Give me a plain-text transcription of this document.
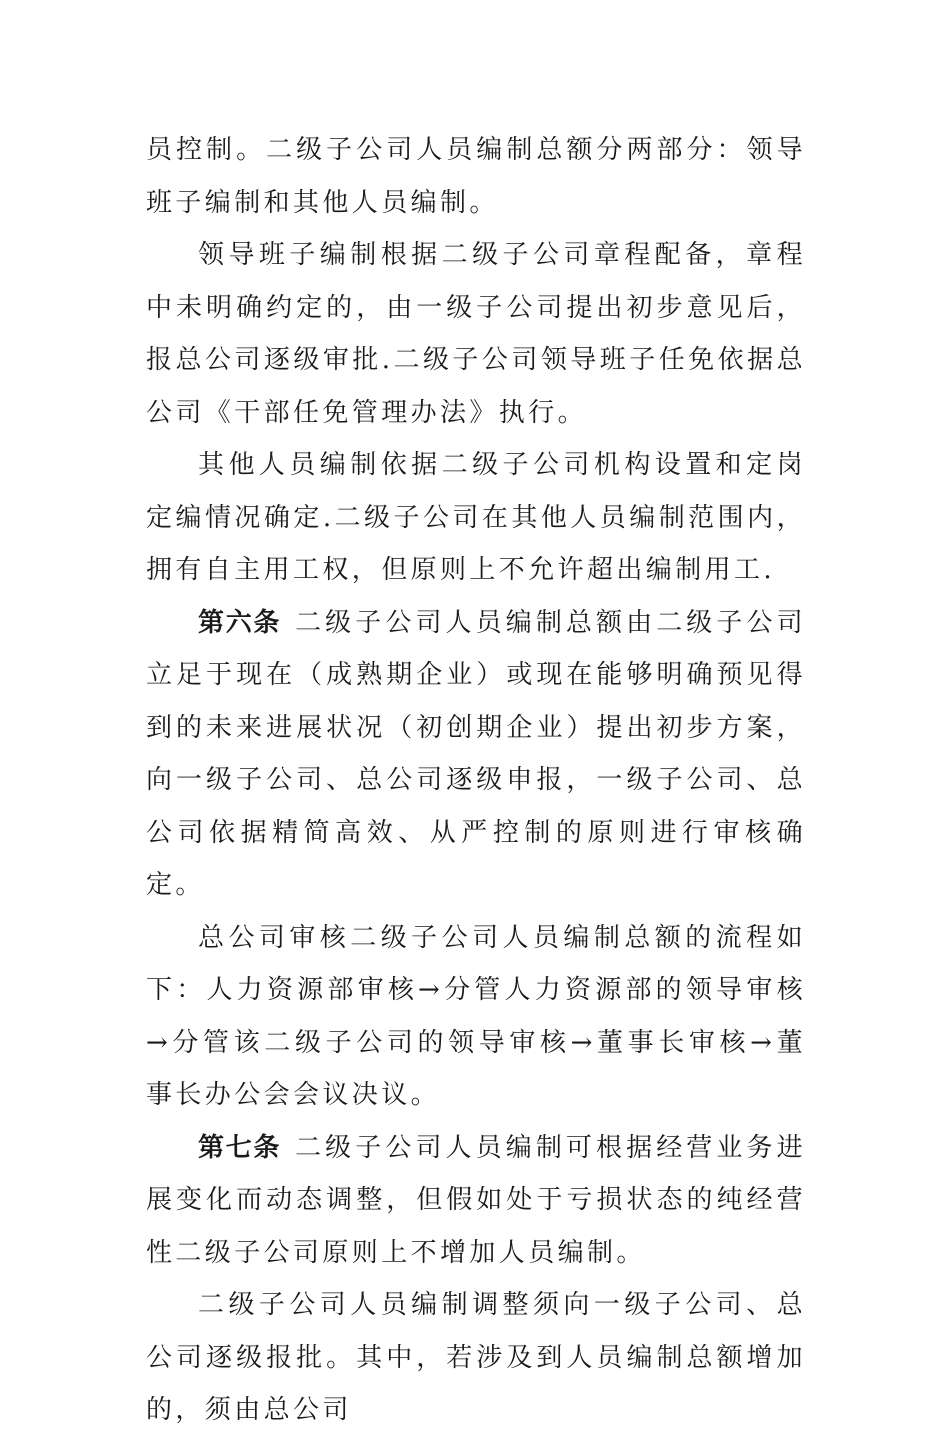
员控制。二级子公司人员编制总额分两部分：领导班子编制和其他人员编制。

领导班子编制根据二级子公司章程配备，章程中未明确约定的，由一级子公司提出初步意见后，报总公司逐级审批.二级子公司领导班子任免依据总公司《干部任免管理办法》执行。

其他人员编制依据二级子公司机构设置和定岗定编情况确定.二级子公司在其他人员编制范围内，拥有自主用工权，但原则上不允许超出编制用工.

第六条 二级子公司人员编制总额由二级子公司立足于现在（成熟期企业）或现在能够明确预见得到的未来进展状况（初创期企业）提出初步方案，向一级子公司、总公司逐级申报，一级子公司、总公司依据精简高效、从严控制的原则进行审核确定。

总公司审核二级子公司人员编制总额的流程如下：人力资源部审核→分管人力资源部的领导审核→分管该二级子公司的领导审核→董事长审核→董事长办公会会议决议。

第七条 二级子公司人员编制可根据经营业务进展变化而动态调整，但假如处于亏损状态的纯经营性二级子公司原则上不增加人员编制。

二级子公司人员编制调整须向一级子公司、总公司逐级报批。其中，若涉及到人员编制总额增加的，须由总公司
